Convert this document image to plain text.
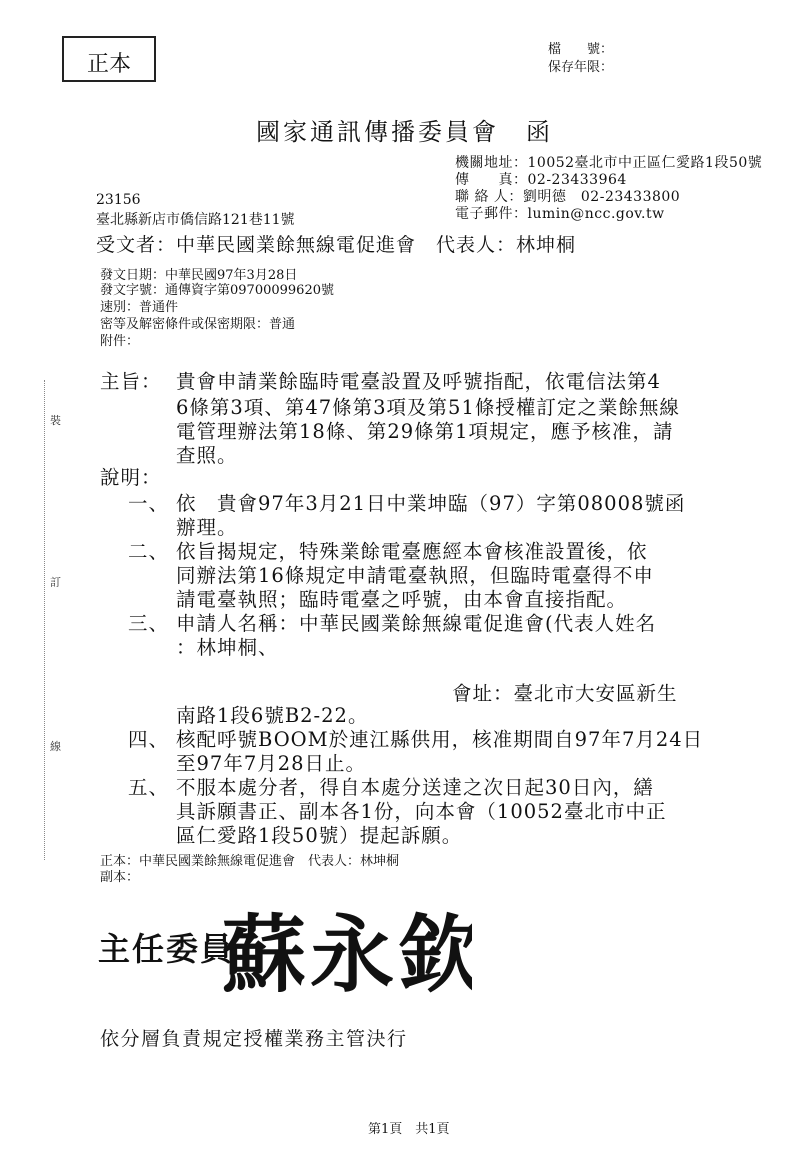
正本
檔　　號：
保存年限：
國家通訊傳播委員會　函
機關地址：10052臺北市中正區仁愛路1段50號
傳　　真：02-23433964
聯 絡 人：劉明德　02-23433800
電子郵件：lumin@ncc.gov.tw
23156
臺北縣新店市僑信路121巷11號
受文者：中華民國業餘無線電促進會　代表人：林坤桐
發文日期：中華民國97年3月28日
發文字號：通傳資字第09700099620號
速別：普通件
密等及解密條件或保密期限：普通
附件：
主旨： 貴會申請業餘臨時電臺設置及呼號指配，依電信法第4
6條第3項、第47條第3項及第51條授權訂定之業餘無線
電管理辦法第18條、第29條第1項規定，應予核准，請
查照。
說明：
一、 依　貴會97年3月21日中業坤臨（97）字第08008號函
辦理。
二、 依旨揭規定，特殊業餘電臺應經本會核准設置後，依
同辦法第16條規定申請電臺執照，但臨時電臺得不申
請電臺執照；臨時電臺之呼號，由本會直接指配。
三、 申請人名稱：中華民國業餘無線電促進會(代表人姓名
：林坤桐、
會址：臺北市大安區新生
南路1段6號B2-22。
四、 核配呼號BOOM於連江縣供用，核准期間自97年7月24日
至97年7月28日止。
五、 不服本處分者，得自本處分送達之次日起30日內，繕
具訴願書正、副本各1份，向本會（10052臺北市中正
區仁愛路1段50號）提起訴願。
正本：中華民國業餘無線電促進會　代表人：林坤桐
副本：
主任委員
蘇永欽
依分層負責規定授權業務主管決行
第1頁　共1頁
裝
訂
線
